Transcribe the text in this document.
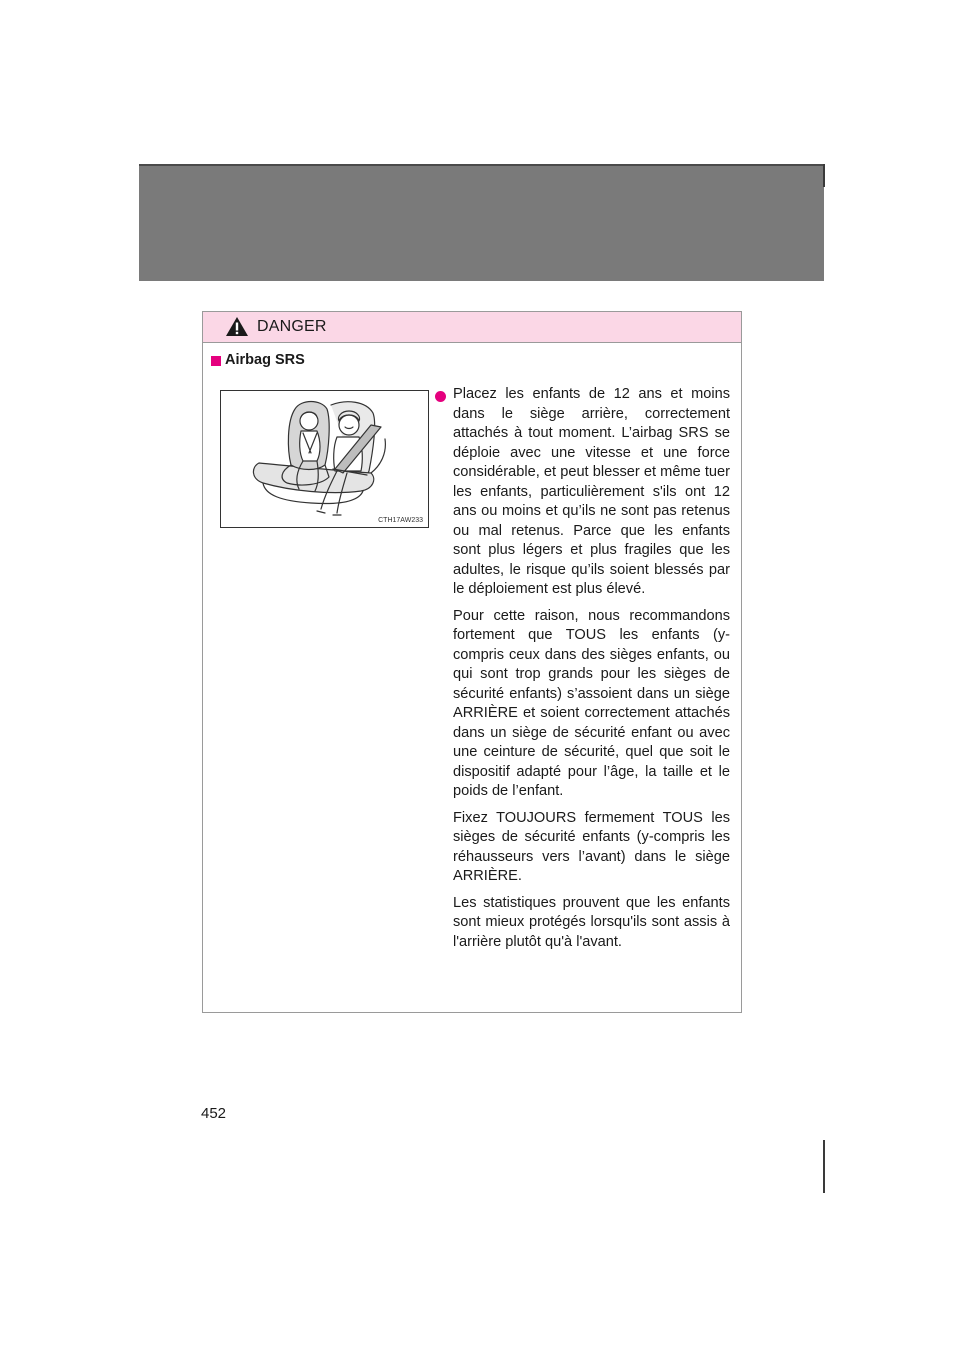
DANGER
Airbag SRS
CTH17AW233

Placez les enfants de 12 ans et moins dans le siège arrière, correctement attachés à tout moment. L’airbag SRS se déploie avec une vitesse et une force considérable, et peut blesser et même tuer les enfants, particulièrement s'ils ont 12 ans ou moins et qu’ils ne sont pas retenus ou mal retenus. Parce que les enfants sont plus légers et plus fragiles que les adultes, le risque qu’ils soient blessés par le déploiement est plus élevé.

Pour cette raison, nous recommandons fortement que TOUS les enfants (y-compris ceux dans des sièges enfants, ou qui sont trop grands pour les sièges de sécurité enfants) s’assoient dans un siège ARRIÈRE et soient correctement attachés dans un siège de sécurité enfant ou avec une ceinture de sécurité, quel que soit le dispositif adapté pour l’âge, la taille et le poids de l’enfant.

Fixez TOUJOURS fermement TOUS les sièges de sécurité enfants (y-compris les réhausseurs vers l’avant) dans le siège ARRIÈRE.

Les statistiques prouvent que les enfants sont mieux protégés lorsqu'ils sont assis à l'arrière plutôt qu'à l'avant.

452
